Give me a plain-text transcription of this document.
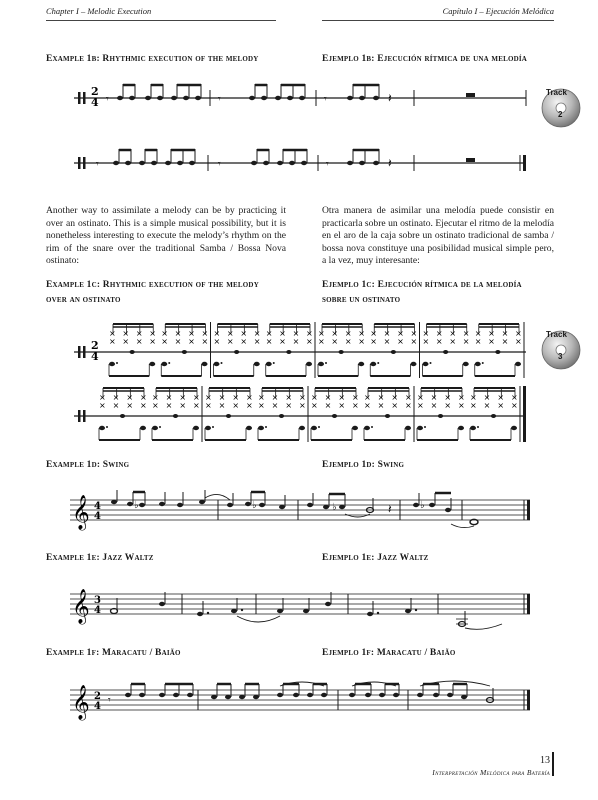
Chapter I – Melodic Execution	Capítulo I – Ejecución Melódica
Example 1b: Rhythmic execution of the melody	Ejemplo 1b: Ejecución rítmica de una melodía
Track
2
2
4 𝄾	𝄾	𝄾	𝄽
𝄾	𝄾	𝄾	𝄽
Another way to assimilate a melody can be by practicing it over an ostinato. This is a simple musical possibility, but it is nonetheless interesting to execute the melody’s rhythm on the rim of the snare over the traditional Samba / Bossa Nova ostinato:
Otra manera de asimilar una melodía puede consistir en practicarla sobre un ostinato. Ejecutar el ritmo de la melodía en el aro de la caja sobre un ostinato tradicional de samba / bossa nova constituye una posibilidad musical simple pero, a la vez, muy interesante:
Example 1c: Rhythmic execution of the melody
over an ostinato
Ejemplo 1c: Ejecución rítmica de la melodía
sobre un ostinato
Track
3
2
4
×
×
×
×
×
×
×
×
×
×
×
×
×
×
×
×
×
×
×
×
×
×
×
×
×
×
×
×
×
×
×
×
×
×
×
×
×
×
×
×
×
×
×
×
×
×
×
×
×
×
×
×
×
×
×
×
×
×
×
×
×
×
×
×
×
×
×
×
×
×
×
×
×
×
×
×
×
×
×
×
×
×
×
×
×
×
×
×
×
×
×
×
×
×
×
×
×
×
×
×
×
×
×
×
×
×
×
×
×
×
×
×
×
×
×
×
×
×
×
×
×
×
×
×
×
×
×
×
Example 1d: Swing	Ejemplo 1d: Swing
𝄞 4
4
♭	♭	♭	♭
𝄽
Example 1e: Jazz Waltz	Ejemplo 1e: Jazz Waltz
𝄞 3
4
Example 1f: Maracatu / Baião	Ejemplo 1f: Maracatu / Baião
𝄞 2
4
𝄾
13
Interpretación Melódica para Batería
